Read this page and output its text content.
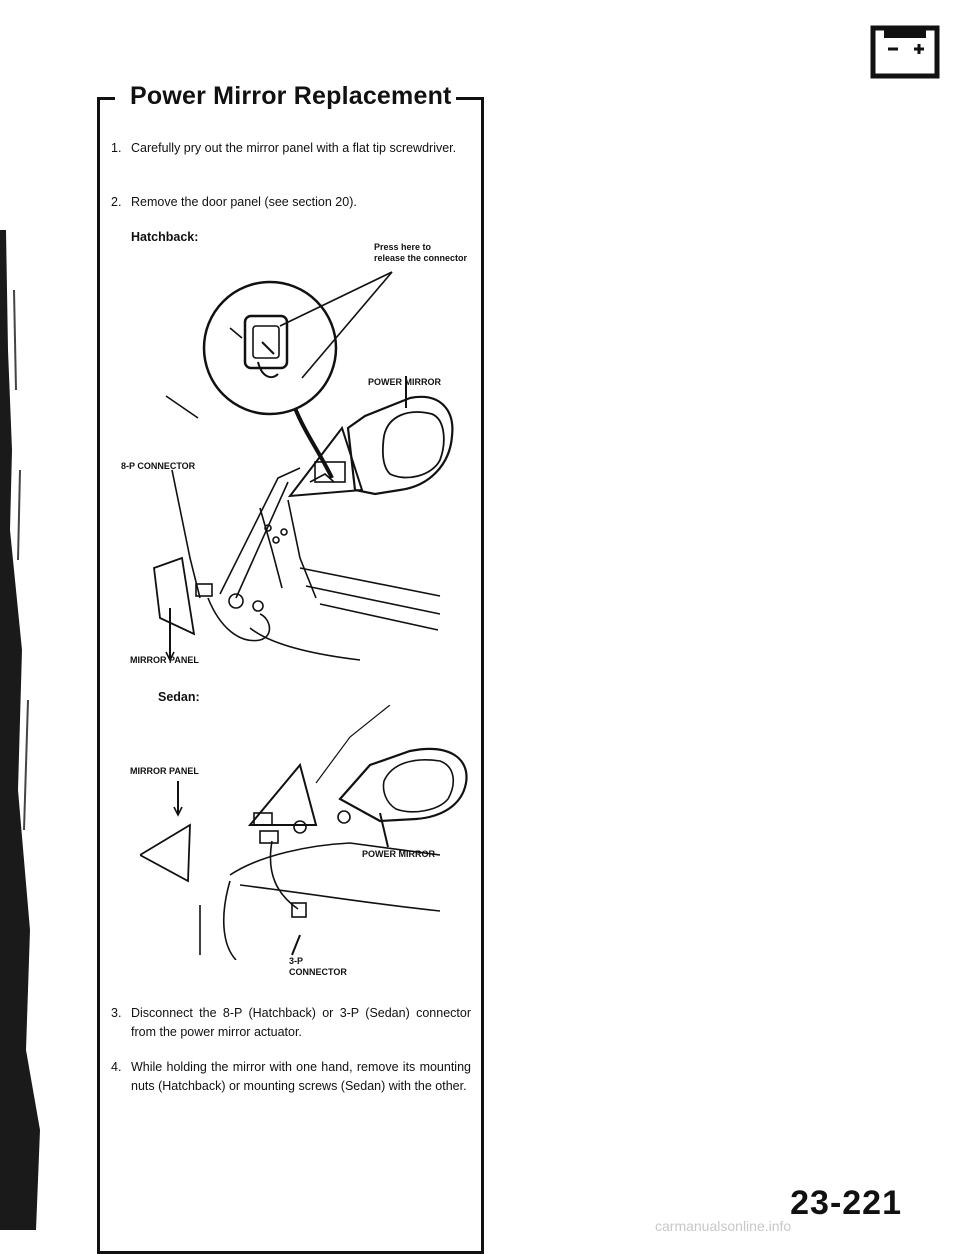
Power Mirror Replacement
1. Carefully pry out the mirror panel with a flat tip screwdriver.
2. Remove the door panel (see section 20).
Hatchback:
Press here to
release the connector
POWER MIRROR
8-P CONNECTOR
MIRROR PANEL
Sedan:
MIRROR PANEL
POWER MIRROR
3-P
CONNECTOR
3. Disconnect the 8-P (Hatchback) or 3-P (Sedan) connector from the power mirror actuator.
4. While holding the mirror with one hand, remove its mounting nuts (Hatchback) or mounting screws (Sedan) with the other.
23-221
carmanualsonline.info
